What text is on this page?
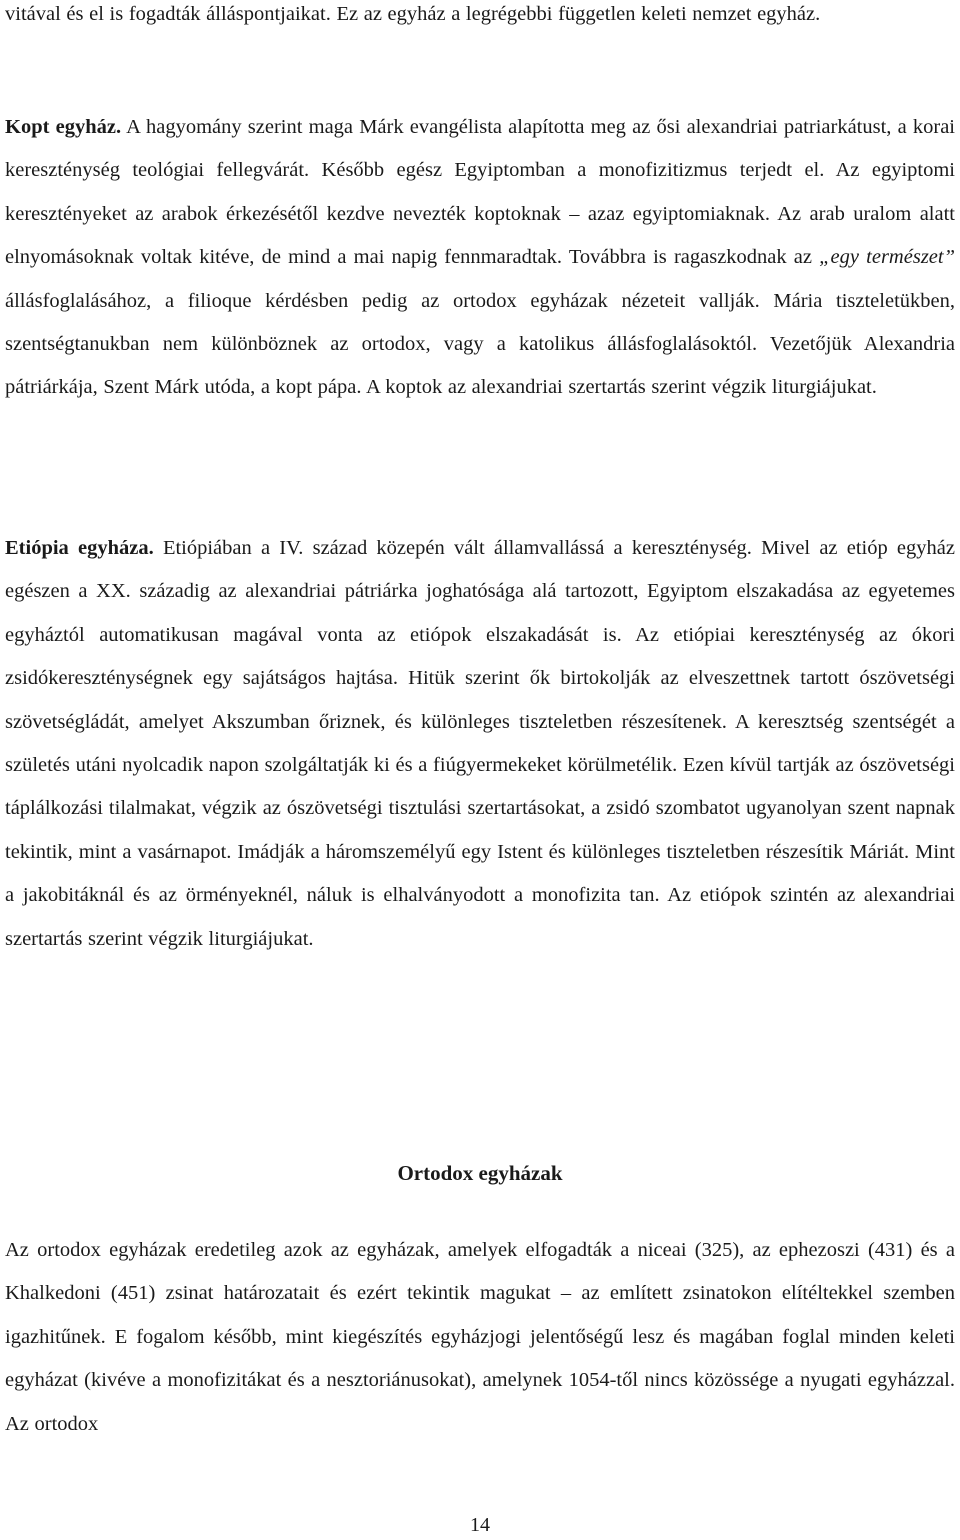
vitával és el is fogadták álláspontjaikat. Ez az egyház a legrégebbi független keleti nemzet egyház.

Kopt egyház. A hagyomány szerint maga Márk evangélista alapította meg az ősi alexandriai patriarkátust, a korai kereszténység teológiai fellegvárát. Később egész Egyiptomban a monofizitizmus terjedt el. Az egyiptomi keresztényeket az arabok érkezésétől kezdve nevezték koptoknak – azaz egyiptomiaknak. Az arab uralom alatt elnyomásoknak voltak kitéve, de mind a mai napig fennmaradtak. Továbbra is ragaszkodnak az „egy természet” állásfoglalásához, a filioque kérdésben pedig az ortodox egyházak nézeteit vallják. Mária tiszteletükben, szentségtanukban nem különböznek az ortodox, vagy a katolikus állásfoglalásoktól. Vezetőjük Alexandria pátriárkája, Szent Márk utóda, a kopt pápa. A koptok az alexandriai szertartás szerint végzik liturgiájukat.

Etiópia egyháza. Etiópiában a IV. század közepén vált államvallássá a kereszténység. Mivel az etióp egyház egészen a XX. századig az alexandriai pátriárka joghatósága alá tartozott, Egyiptom elszakadása az egyetemes egyháztól automatikusan magával vonta az etiópok elszakadását is. Az etiópiai kereszténység az ókori zsidókereszténységnek egy sajátságos hajtása. Hitük szerint ők birtokolják az elveszettnek tartott ószövetségi szövetségládát, amelyet Akszumban őriznek, és különleges tiszteletben részesítenek. A keresztség szentségét a születés utáni nyolcadik napon szolgáltatják ki és a fiúgyermekeket körülmetélik. Ezen kívül tartják az ószövetségi táplálkozási tilalmakat, végzik az ószövetségi tisztulási szertartásokat, a zsidó szombatot ugyanolyan szent napnak tekintik, mint a vasárnapot. Imádják a háromszemélyű egy Istent és különleges tiszteletben részesítik Máriát. Mint a jakobitáknál és az örményeknél, náluk is elhalványodott a monofizita tan. Az etiópok szintén az alexandriai szertartás szerint végzik liturgiájukat.

Ortodox egyházak

Az ortodox egyházak eredetileg azok az egyházak, amelyek elfogadták a niceai (325), az ephezoszi (431) és a Khalkedoni (451) zsinat határozatait és ezért tekintik magukat – az említett zsinatokon elítéltekkel szemben igazhitűnek. E fogalom később, mint kiegészítés egyházjogi jelentőségű lesz és magában foglal minden keleti egyházat (kivéve a monofizitákat és a nesztoriánusokat), amelynek 1054-től nincs közössége a nyugati egyházzal. Az ortodox

14
